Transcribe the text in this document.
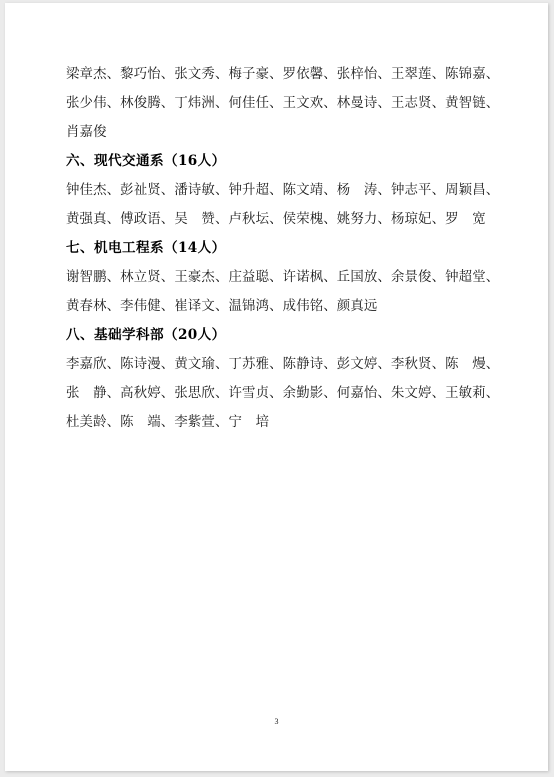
梁章杰、黎巧怡、张文秀、梅子豪、罗依馨、张梓怡、王翠莲、陈锦嘉、
张少伟、林俊腾、丁炜洲、何佳任、王文欢、林曼诗、王志贤、黄智链、
肖嘉俊
六、现代交通系（16人）
钟佳杰、彭祉贤、潘诗敏、钟升超、陈文靖、杨　涛、钟志平、周颖昌、
黄强真、傅政语、吴　赞、卢秋坛、侯荣槐、姚努力、杨琼妃、罗　宽
七、机电工程系（14人）
谢智鹏、林立贤、王豪杰、庄益聪、许诺枫、丘国放、余景俊、钟超堂、
黄春林、李伟健、崔译文、温锦鸿、成伟铭、颜真远
八、基础学科部（20人）
李嘉欣、陈诗漫、黄文瑜、丁苏雅、陈静诗、彭文婷、李秋贤、陈　熳、
张　静、高秋婷、张思欣、许雪贞、余勤影、何嘉怡、朱文婷、王敏莉、
杜美龄、陈　端、李紫萱、宁　培
3
